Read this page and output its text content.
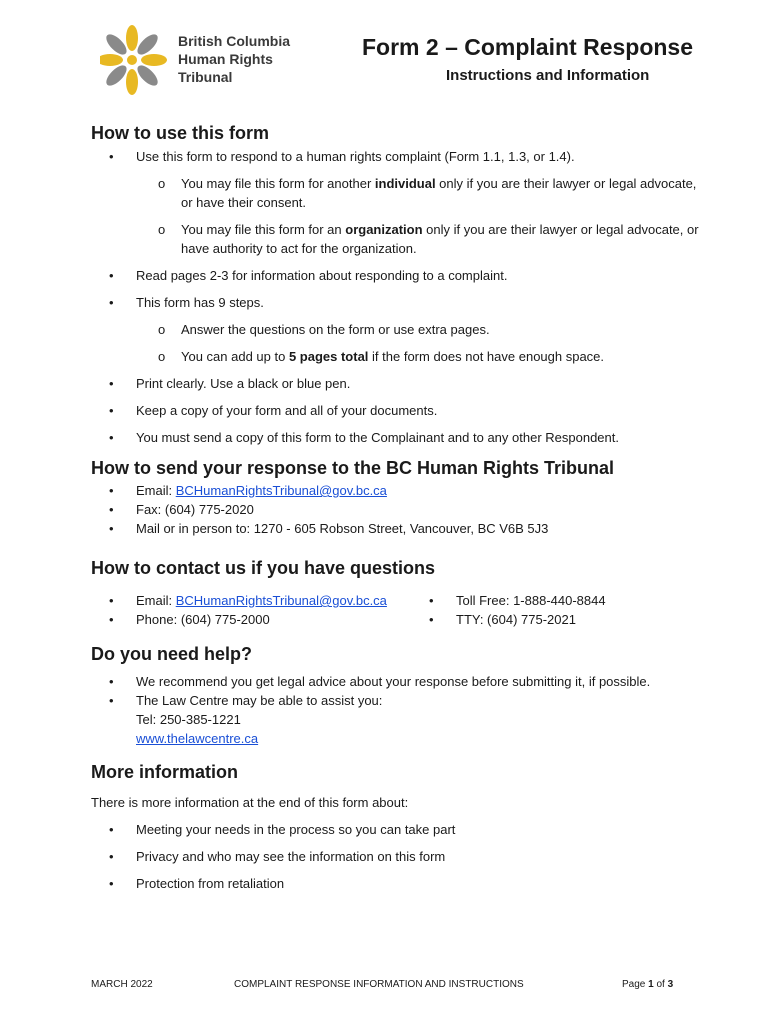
British Columbia
Human Rights
Tribunal
Form 2 – Complaint Response
Instructions and Information
How to use this form
• Use this form to respond to a human rights complaint (Form 1.1, 1.3, or 1.4).
o You may file this form for another individual only if you are their lawyer or legal advocate, or have their consent.
o You may file this form for an organization only if you are their lawyer or legal advocate, or have authority to act for the organization.
• Read pages 2-3 for information about responding to a complaint.
• This form has 9 steps.
o Answer the questions on the form or use extra pages.
o You can add up to 5 pages total if the form does not have enough space.
• Print clearly. Use a black or blue pen.
• Keep a copy of your form and all of your documents.
• You must send a copy of this form to the Complainant and to any other Respondent.
How to send your response to the BC Human Rights Tribunal
• Email: BCHumanRightsTribunal@gov.bc.ca
• Fax: (604) 775-2020
• Mail or in person to: 1270 - 605 Robson Street, Vancouver, BC V6B 5J3
How to contact us if you have questions
• Email: BCHumanRightsTribunal@gov.bc.ca
• Phone: (604) 775-2000
• Toll Free: 1-888-440-8844
• TTY: (604) 775-2021
Do you need help?
• We recommend you get legal advice about your response before submitting it, if possible.
• The Law Centre may be able to assist you:
Tel: 250-385-1221
www.thelawcentre.ca
More information

There is more information at the end of this form about:

• Meeting your needs in the process so you can take part
• Privacy and who may see the information on this form
• Protection from retaliation
MARCH 2022	COMPLAINT RESPONSE INFORMATION AND INSTRUCTIONS	Page 1 of 3
